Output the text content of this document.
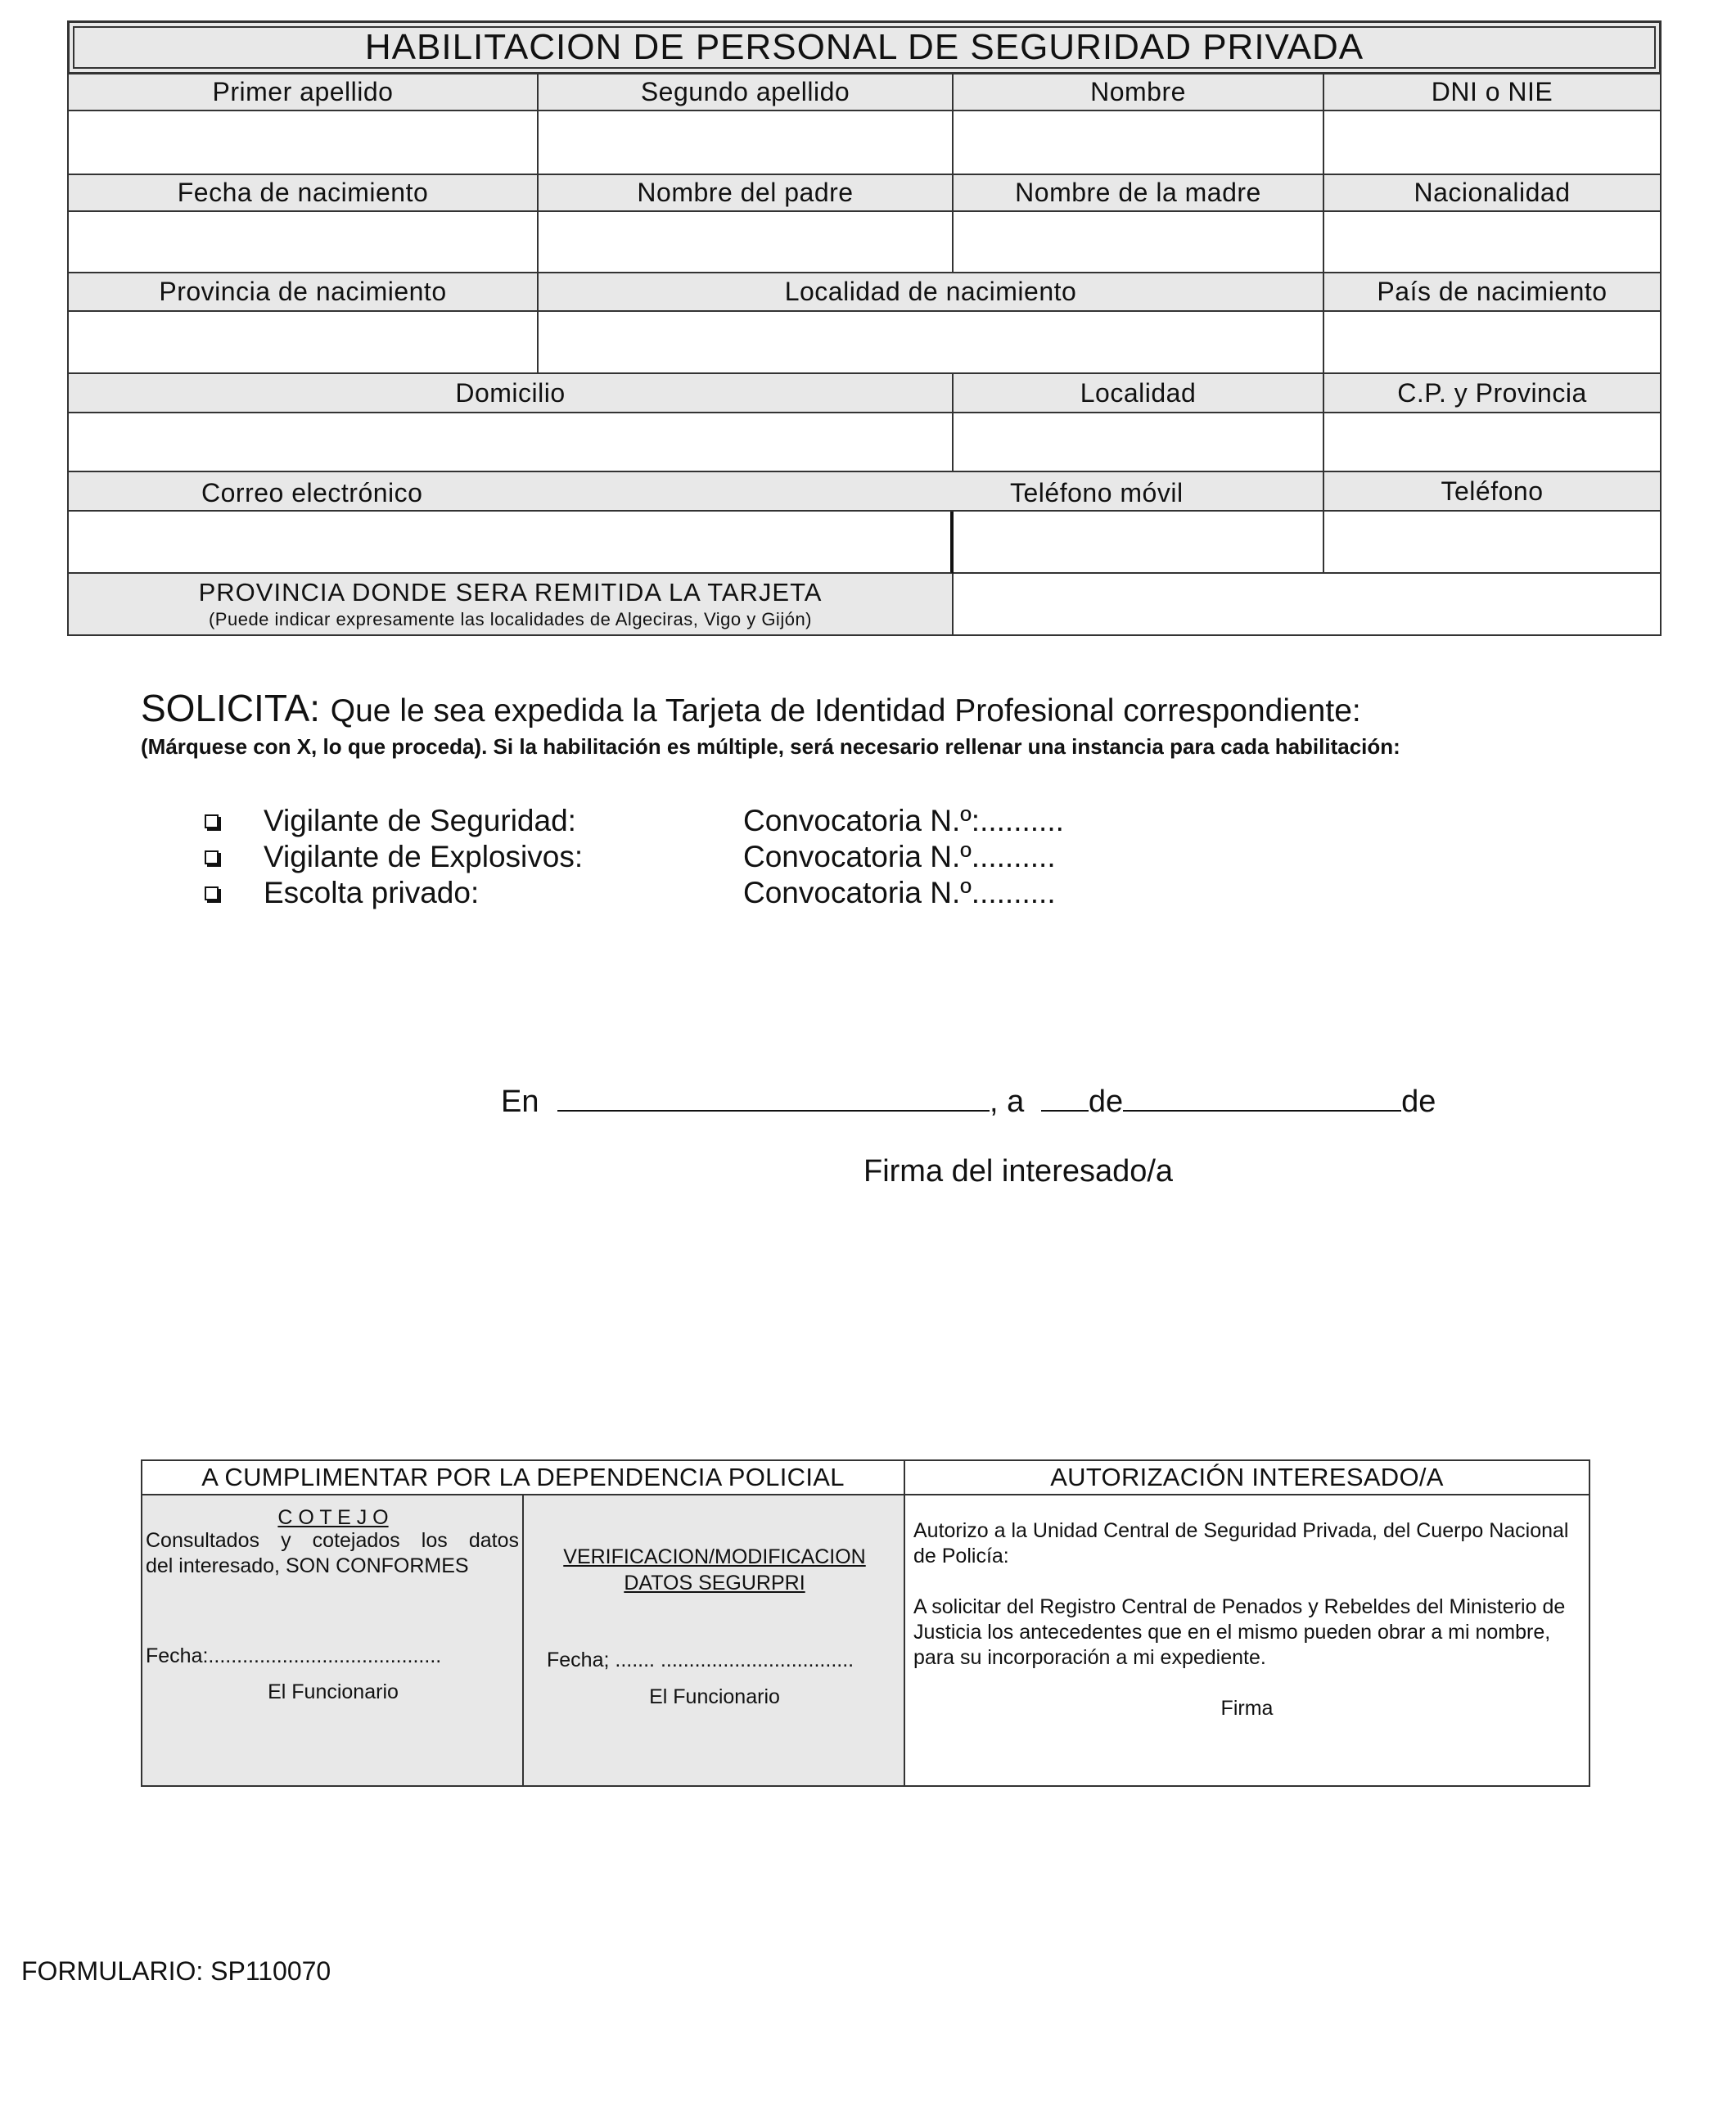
HABILITACION DE PERSONAL DE SEGURIDAD PRIVADA
Primer apellido	Segundo apellido	Nombre	DNI o NIE
Fecha de nacimiento	Nombre del padre	Nombre de la madre	Nacionalidad
Provincia de nacimiento	Localidad de nacimiento	País de nacimiento
Domicilio	Localidad	C.P. y Provincia
Correo electrónico	Teléfono móvil	Teléfono
PROVINCIA DONDE SERA REMITIDA LA TARJETA
(Puede indicar expresamente las localidades de Algeciras, Vigo y Gijón)
SOLICITA: Que le sea expedida la Tarjeta de Identidad Profesional correspondiente:
(Márquese con X, lo que proceda). Si la habilitación es múltiple, será necesario rellenar una instancia para cada habilitación:
Vigilante de Seguridad:	Convocatoria N.º:..........
Vigilante de Explosivos:	Convocatoria N.º..........
Escolta privado:	Convocatoria N.º..........
En	, a de	de
Firma del interesado/a
A CUMPLIMENTAR POR LA DEPENDENCIA POLICIAL	AUTORIZACIÓN INTERESADO/A
C O T E J O
Consultados y cotejados los datos
del interesado, SON CONFORMES
Fecha:.........................................
El Funcionario
VERIFICACION/MODIFICACION
DATOS SEGURPRI
Fecha; ....... ..................................
El Funcionario
Autorizo a la Unidad Central de Seguridad Privada, del Cuerpo Nacional
de Policía:
A solicitar del Registro Central de Penados y Rebeldes del Ministerio de
Justicia los antecedentes que en el mismo pueden obrar a mi nombre,
para su incorporación a mi expediente.
Firma
FORMULARIO: SP110070
